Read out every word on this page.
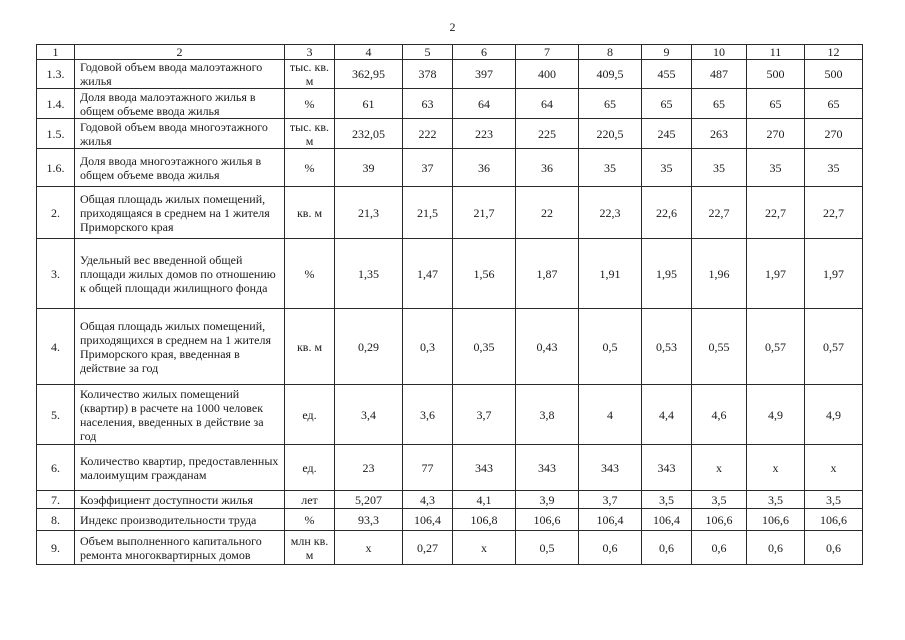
2
1	2	3	4	5	6	7	8	9	10	11	12
1.3.	Годовой объем ввода малоэтажного жилья	тыс. кв. м	362,95	378	397	400	409,5	455	487	500	500
1.4.	Доля ввода малоэтажного жилья в общем объеме ввода жилья	%	61	63	64	64	65	65	65	65	65
1.5.	Годовой объем ввода многоэтажного жилья	тыс. кв. м	232,05	222	223	225	220,5	245	263	270	270
1.6.	Доля ввода многоэтажного жилья в общем объеме ввода жилья	%	39	37	36	36	35	35	35	35	35
2.	Общая площадь жилых помещений, приходящаяся в среднем на 1 жителя Приморского края	кв. м	21,3	21,5	21,7	22	22,3	22,6	22,7	22,7	22,7
3.	Удельный вес введенной общей площади жилых домов по отношению к общей площади жилищного фонда	%	1,35	1,47	1,56	1,87	1,91	1,95	1,96	1,97	1,97
4.	Общая площадь жилых помещений, приходящихся в среднем на 1 жителя Приморского края, введенная в действие за год	кв. м	0,29	0,3	0,35	0,43	0,5	0,53	0,55	0,57	0,57
5.	Количество жилых помещений (квартир) в расчете на 1000 человек населения, введенных в действие за год	ед.	3,4	3,6	3,7	3,8	4	4,4	4,6	4,9	4,9
6.	Количество квартир, предоставленных малоимущим гражданам	ед.	23	77	343	343	343	343	x	x	x
7.	Коэффициент доступности жилья	лет	5,207	4,3	4,1	3,9	3,7	3,5	3,5	3,5	3,5
8.	Индекс производительности труда	%	93,3	106,4	106,8	106,6	106,4	106,4	106,6	106,6	106,6
9.	Объем выполненного капитального ремонта многоквартирных домов	млн кв. м	x	0,27	x	0,5	0,6	0,6	0,6	0,6	0,6
